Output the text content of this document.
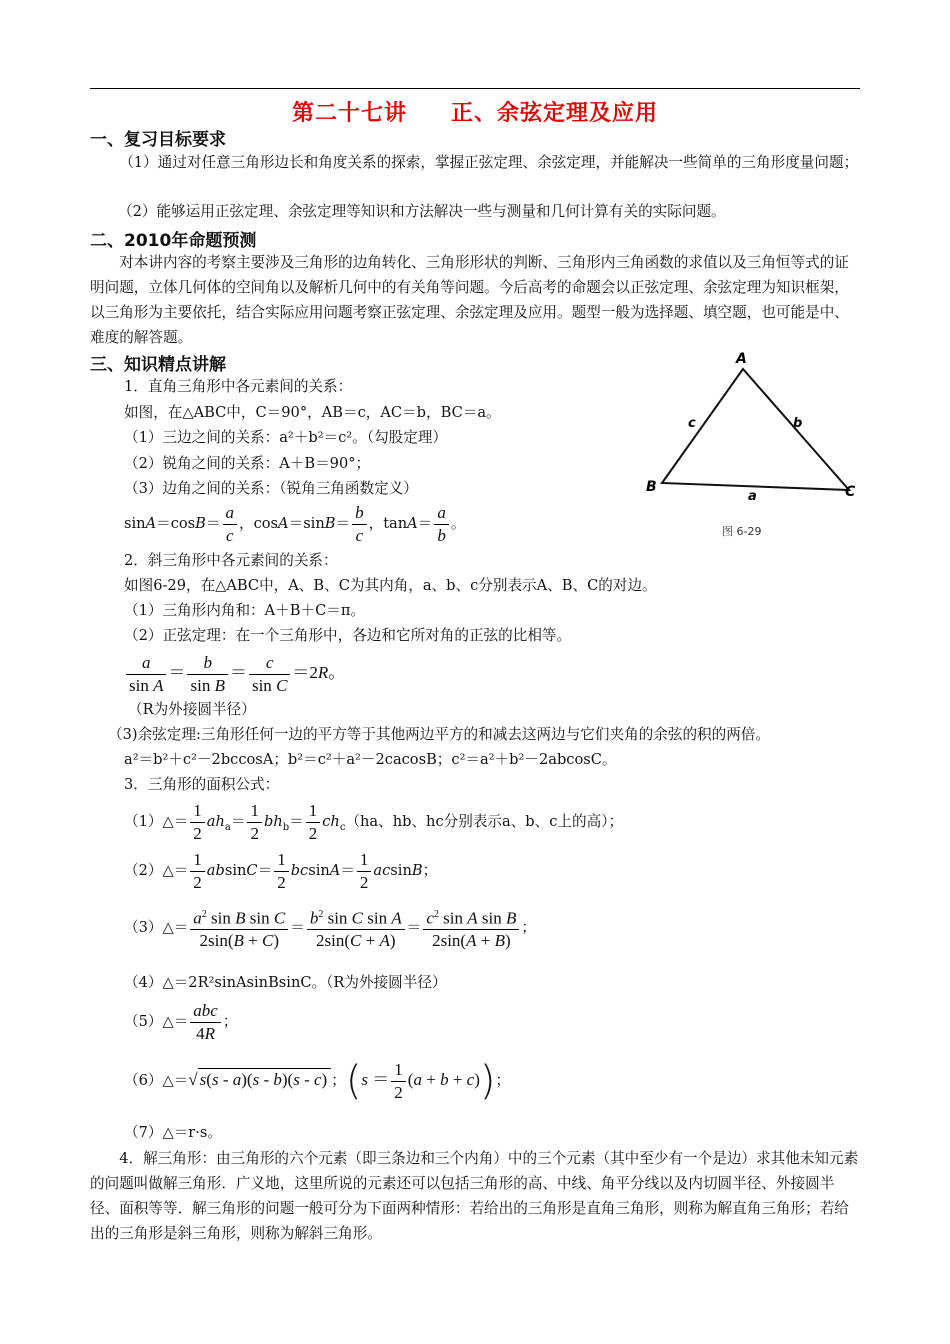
第二十七讲 正、余弦定理及应用
一、复习目标要求
（1）通过对任意三角形边长和角度关系的探索，掌握正弦定理、余弦定理，并能解决一些简单的三角形度量问题；
（2）能够运用正弦定理、余弦定理等知识和方法解决一些与测量和几何计算有关的实际问题。
二、2010年命题预测
对本讲内容的考察主要涉及三角形的边角转化、三角形形状的判断、三角形内三角函数的求值以及三角恒等式的证明问题，立体几何体的空间角以及解析几何中的有关角等问题。今后高考的命题会以正弦定理、余弦定理为知识框架，以三角形为主要依托，结合实际应用问题考察正弦定理、余弦定理及应用。题型一般为选择题、填空题，也可能是中、难度的解答题。
三、知识精点讲解
1．直角三角形中各元素间的关系：
如图，在△ABC中，C＝90°，AB＝c，AC＝b，BC＝a。
（1）三边之间的关系：a²＋b²＝c²。（勾股定理）
（2）锐角之间的关系：A＋B＝90°；
（3）边角之间的关系：（锐角三角函数定义）
$\sin A=\cos B= \frac{a}{c}$ ，$\cos A=\sin B= \frac{b}{c}$ ，$\tan A= \frac{a}{b}$ 。
2．斜三角形中各元素间的关系：
如图6-29，在△ABC中，A、B、C为其内角，a、b、c分别表示A、B、C的对边。
（1）三角形内角和：A＋B＋C＝π。
（2）正弦定理：在一个三角形中，各边和它所对角的正弦的比相等。
$\frac{a}{\text{sin A}} = \frac{b}{\text{sin B}} = \frac{c}{\text{sin C}} =2R$。
（R为外接圆半径）
（3)余弦定理:三角形任何一边的平方等于其他两边平方的和减去这两边与它们夹角的余弦的积的两倍。
a²＝b²＋c²－2bccosA；b²＝c²＋a²－2cacosB；c²＝a²＋b²－2abcosC。
3．三角形的面积公式：
（1）△＝ $\frac{1}{2} ah_a= \frac{1}{2} bh_b= \frac{1}{2} ch_c(ha$、hb、hc分别表示a、b、c上的高）；
（2）△＝ $\frac{1}{2} absinC= \frac{1}{2} bcsinA= \frac{1}{2}$ acsinB；
（3）△＝ $\frac{a^2 \sin B \sin C}{2\sin(B + C)} = \frac{b^2 \sin C \sin A}{2\sin(C + A)} = \frac{c^2 \sin A \sin B}{2\sin(A + B)}$ ；
（4）△＝2R²sinAsinBsinC。（R为外接圆半径）
（5）△＝ $\frac{\text{abc}}{4R}$ ；
（6）△＝√ s(s - a)(s - b)(s - c) ；$(s = \frac{1}{2} (a + b + c))$；
（7）△＝r·s。
4．解三角形：由三角形的六个元素（即三条边和三个内角）中的三个元素（其中至少有一个是边）求其他未知元素的问题叫做解三角形．广义地，这里所说的元素还可以包括三角形的高、中线、角平分线以及内切圆半径、外接圆半径、面积等等．解三角形的问题一般可分为下面两种情形：若给出的三角形是直角三角形，则称为解直角三角形；若给出的三角形是斜三角形，则称为解斜三角形。
A
B	C
c	b
a
图 6-29
